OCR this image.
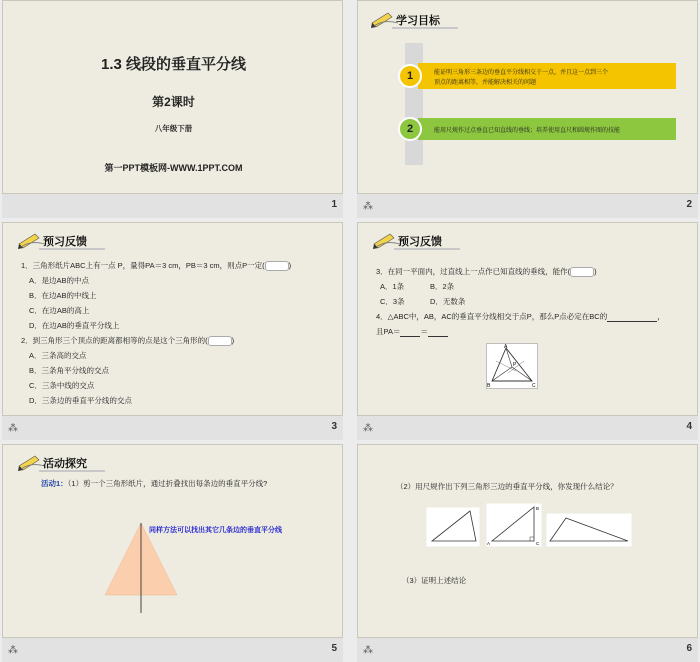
1.3 线段的垂直平分线
第2课时
八年级下册
第一PPT模板网-WWW.1PPT.COM
1
学习目标
能证明三角形三条边的垂直平分线相交于一点，并且这一点到三个
顶点的距离相等，并能解决相关的问题
1
能用尺规作过点垂直已知直线的垂线；培养使用直尺和圆规作图的技能
2
⁂	2
预习反馈
1．三角形纸片ABC上有一点 P，量得PA＝3 cm，PB＝3 cm，则点P一定(	)
A．是边AB的中点
B．在边AB的中线上
C．在边AB的高上
D．在边AB的垂直平分线上
2．到三角形三个顶点的距离都相等的点是这个三角形的(	)
A．三条高的交点
B．三条角平分线的交点
C．三条中线的交点
D．三条边的垂直平分线的交点
⁂	3
预习反馈
3．在同一平面内，过直线上一点作已知直线的垂线，能作(	)
A．1条	B．2条
C．3条	D．无数条
4．△ABC中，AB，AC的垂直平分线相交于点P，那么P点必定在BC的	，
且PA＝	＝
A
B	C
P
⁂	4
活动探究
活动1：（1）剪一个三角形纸片，通过折叠找出每条边的垂直平分线?
同样方法可以找出其它几条边的垂直平分线
⁂	5
（2）用尺规作出下列三角形三边的垂直平分线，你发现什么结论？
B
A	C
（3）证明上述结论
⁂	6
